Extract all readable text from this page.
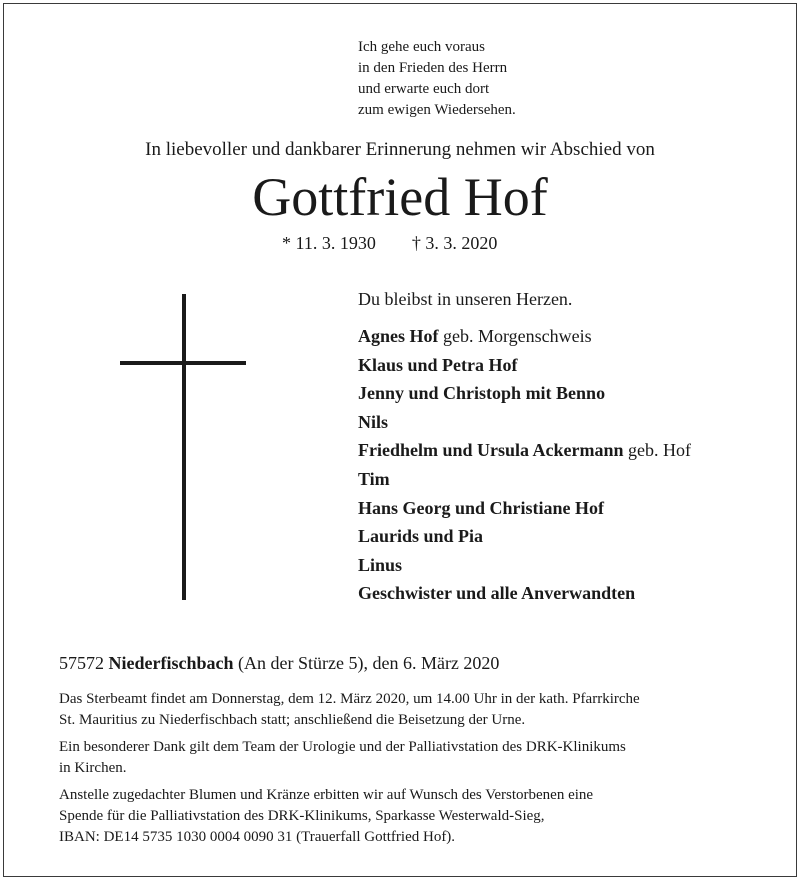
Ich gehe euch voraus
in den Frieden des Herrn
und erwarte euch dort
zum ewigen Wiedersehen.
In liebevoller und dankbarer Erinnerung nehmen wir Abschied von
Gottfried Hof
* 11. 3. 1930 † 3. 3. 2020
Du bleibst in unseren Herzen.
Agnes Hof geb. Morgenschweis
Klaus und Petra Hof
Jenny und Christoph mit Benno
Nils
Friedhelm und Ursula Ackermann geb. Hof
Tim
Hans Georg und Christiane Hof
Laurids und Pia
Linus
Geschwister und alle Anverwandten
57572 Niederfischbach (An der Stürze 5), den 6. März 2020
Das Sterbeamt findet am Donnerstag, dem 12. März 2020, um 14.00 Uhr in der kath. Pfarrkirche
St. Mauritius zu Niederfischbach statt; anschließend die Beisetzung der Urne.
Ein besonderer Dank gilt dem Team der Urologie und der Palliativstation des DRK-Klinikums
in Kirchen.
Anstelle zugedachter Blumen und Kränze erbitten wir auf Wunsch des Verstorbenen eine
Spende für die Palliativstation des DRK-Klinikums, Sparkasse Westerwald-Sieg,
IBAN: DE14 5735 1030 0004 0090 31 (Trauerfall Gottfried Hof).
